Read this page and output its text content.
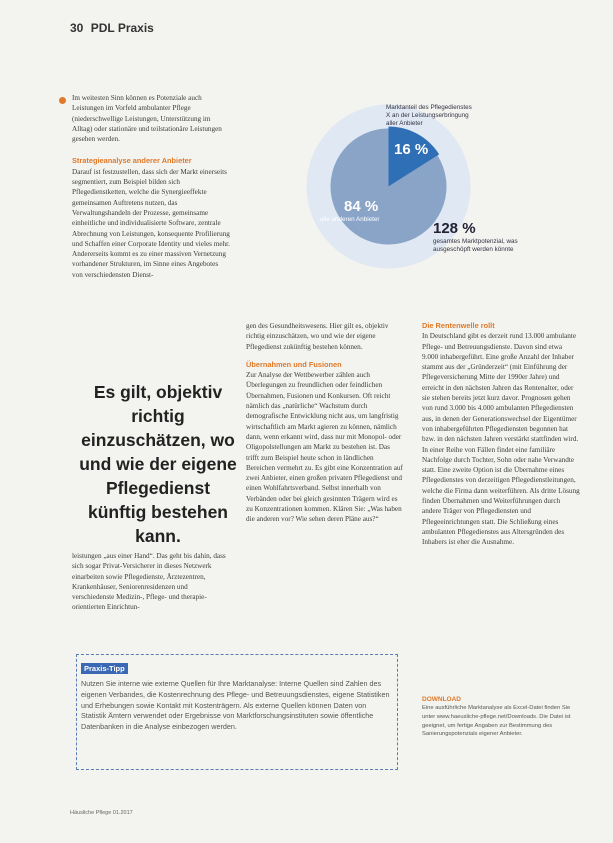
30 PDL Praxis

Im weitesten Sinn können es Potenziale auch Leistungen im Vorfeld ambulanter Pflege (niederschwellige Leistungen, Unterstützung im Alltag) oder stationäre und teilstationäre Leistungen gesehen werden.

Strategieanalyse anderer Anbieter

Darauf ist festzustellen, dass sich der Markt einerseits segmentiert, zum Beispiel bilden sich Pflegedienstketten, welche die Synergieeffekte gemeinsamen Auftretens nutzen, das Verwaltungshandeln der Prozesse, gemeinsame einheitliche und individualisierte Software, zentrale Abrechnung von Leistungen, konsequente Profilierung und Schaffen einer Corporate Identity und vieles mehr. Andererseits kommt es zu einer massiven Vernetzung vorhandener Strukturen, im Sinne eines Angebotes von verschiedensten Dienst-

Marktanteil des Pflegedienstes X an der Leistungserbringung aller Anbieter
16 %
84 %
alle anderen Anbieter
128 %
gesamtes Marktpotenzial, was ausgeschöpft werden könnte
Es gilt, objektiv richtig einzuschätzen, wo und wie der eigene Pflegedienst künftig bestehen kann.

leistungen „aus einer Hand“. Das geht bis dahin, dass sich sogar Privat-Versicherer in dieses Netzwerk einarbeiten sowie Pflegedienste, Ärztezentren, Krankenhäuser, Seniorenresidenzen und verschiedenste Medizin-, Pflege- und therapie-orientierten Einrichtun-

gen des Gesundheitswesens. Hier gilt es, objektiv richtig einzuschätzen, wo und wie der eigene Pflegedienst zukünftig bestehen können.

Übernahmen und Fusionen

Zur Analyse der Wettbewerber zählen auch Überlegungen zu freundlichen oder feindlichen Übernahmen, Fusionen und Konkursen. Oft reicht nämlich das „natürliche“ Wachstum durch demografische Entwicklung nicht aus, um langfristig wirtschaftlich am Markt agieren zu können, nämlich dann, wenn erkannt wird, dass nur mit Monopol- oder Oligopolstellungen am Markt zu bestehen ist. Das trifft zum Beispiel heute schon in ländlichen Bereichen vermehrt zu. Es gibt eine Konzentration auf zwei Anbieter, einen großen privaten Pflegedienst und einen Wohlfahrtsverband. Selbst innerhalb von Verbänden oder bei gleich gesinnten Trägern wird es zu Konzentrationen kommen. Klären Sie: „Was haben die anderen vor? Wie sehen deren Pläne aus?“

Die Rentenwelle rollt

In Deutschland gibt es derzeit rund 13.000 ambulante Pflege- und Betreuungsdienste. Davon sind etwa 9.000 inhabergeführt. Eine große Anzahl der Inhaber stammt aus der „Gründerzeit“ (mit Einführung der Pflegeversicherung Mitte der 1990er Jahre) und erreicht in den nächsten Jahren das Rentenalter, oder sie stehen bereits jetzt kurz davor. Prognosen gehen von rund 3.000 bis 4.000 ambulanten Pflegediensten aus, in denen der Generationswechsel der Eigentümer von inhabergeführten Pflegediensten begonnen hat bzw. in den nächsten Jahren verstärkt stattfinden wird. In einer Reihe von Fällen findet eine familiäre Nachfolge durch Tochter, Sohn oder nahe Verwandte statt. Eine zweite Option ist die Übernahme eines Pflegedienstes von derzeitigen Pflegedienstleitungen, welche die Firma dann weiterführen. Als dritte Lösung finden Übernahmen und Weiterführungen durch andere Träger von Pflegediensten und Pflegeeinrichtungen statt. Die Schließung eines ambulanten Pflegedienstes aus Altersgründen des Inhabers ist eher die Ausnahme.

Praxis-Tipp
Nutzen Sie interne wie externe Quellen für Ihre Marktanalyse: Interne Quellen sind Zahlen des eigenen Verbandes, die Kostenrechnung des Pflege- und Betreuungsdienstes, eigene Statistiken und Erhebungen sowie Kontakt mit Kostenträgern. Als externe Quellen können Daten von Statistik Ämtern verwendet oder Ergebnisse von Marktforschungsinstituten sowie öffentliche Datenbanken in die Analyse einbezogen werden.
DOWNLOAD
Eine ausführliche Marktanalyse als Excel-Datei finden Sie unter www.haeusliche-pflege.net/Downloads. Die Datei ist geeignet, um fertige Angaben zur Bestimmung des Sanierungspotenzials eigener Anbieter.
Häusliche Pflege 01.2017
